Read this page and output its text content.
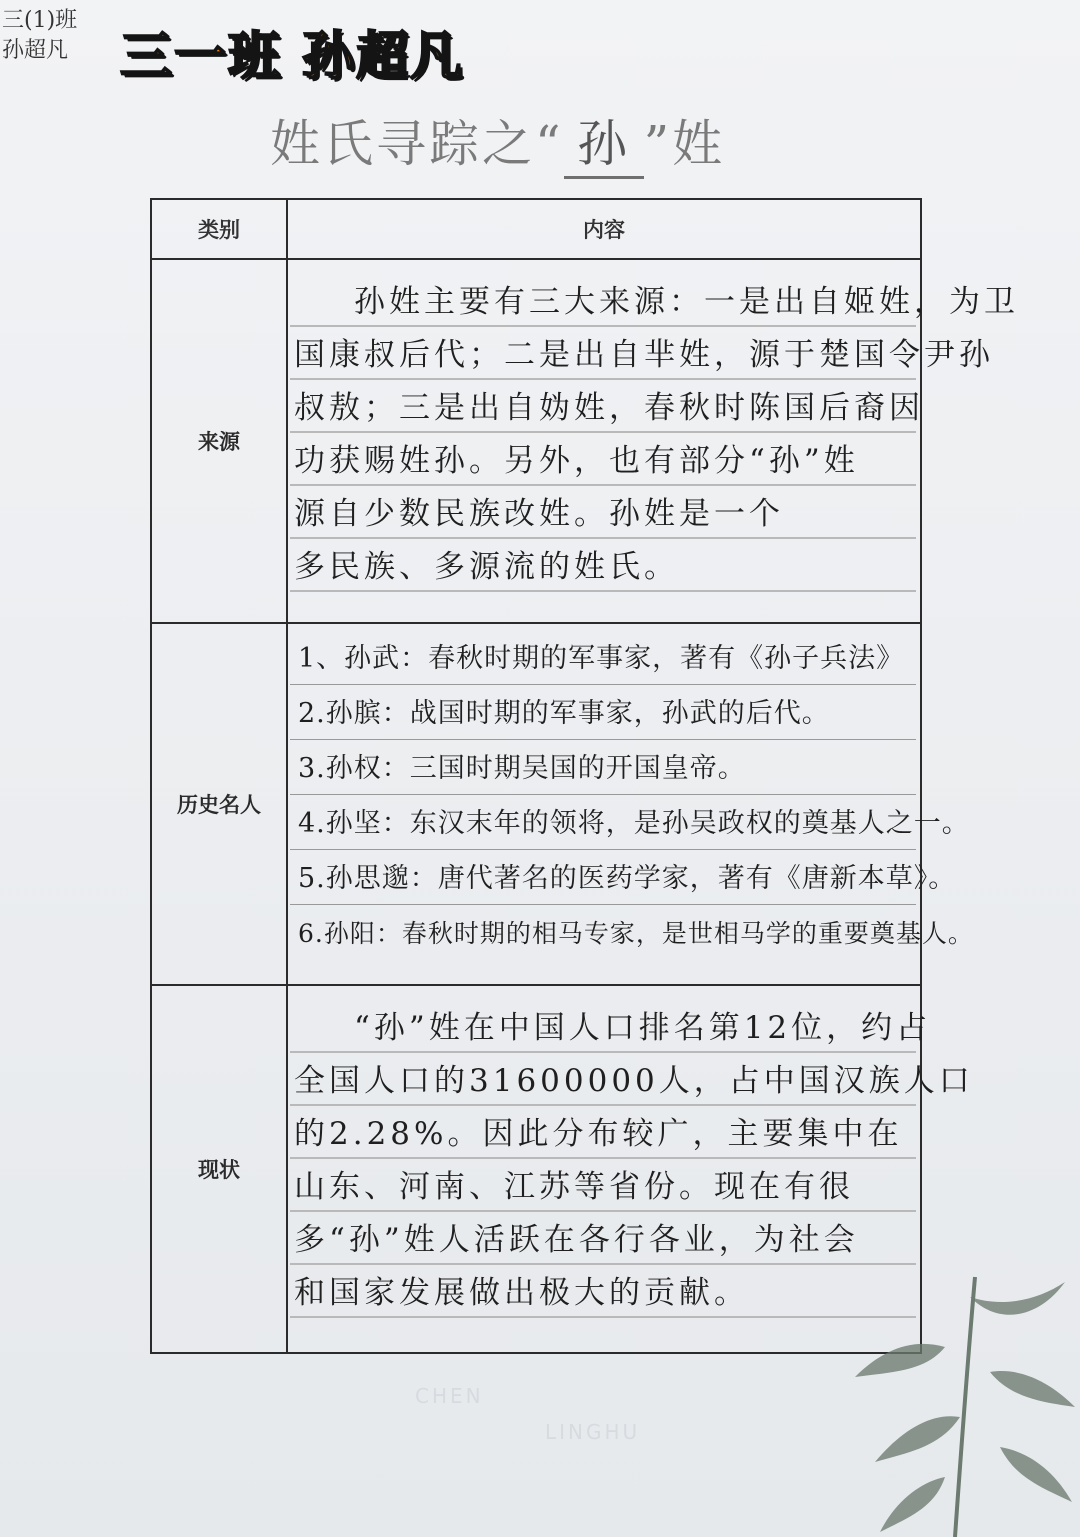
CHEN
LINGHU
三(1)班
孙超凡 三一班 孙超凡
姓氏寻踪之“ 孙 ”姓
类别	内容
来源
孙姓主要有三大来源：一是出自姬姓，为卫
国康叔后代；二是出自芈姓，源于楚国令尹孙
叔敖；三是出自妫姓，春秋时陈国后裔因
功获赐姓孙。另外，也有部分“孙”姓
源自少数民族改姓。孙姓是一个
多民族、多源流的姓氏。
历史名人
1、孙武：春秋时期的军事家，著有《孙子兵法》
2.孙膑：战国时期的军事家，孙武的后代。
3.孙权：三国时期吴国的开国皇帝。
4.孙坚：东汉末年的领将，是孙吴政权的奠基人之一。
5.孙思邈：唐代著名的医药学家，著有《唐新本草》。
6.孙阳：春秋时期的相马专家，是世相马学的重要奠基人。
现状
“孙”姓在中国人口排名第12位，约占
全国人口的31600000人，占中国汉族人口
的2.28%。因此分布较广，主要集中在
山东、河南、江苏等省份。现在有很
多“孙”姓人活跃在各行各业，为社会
和国家发展做出极大的贡献。
